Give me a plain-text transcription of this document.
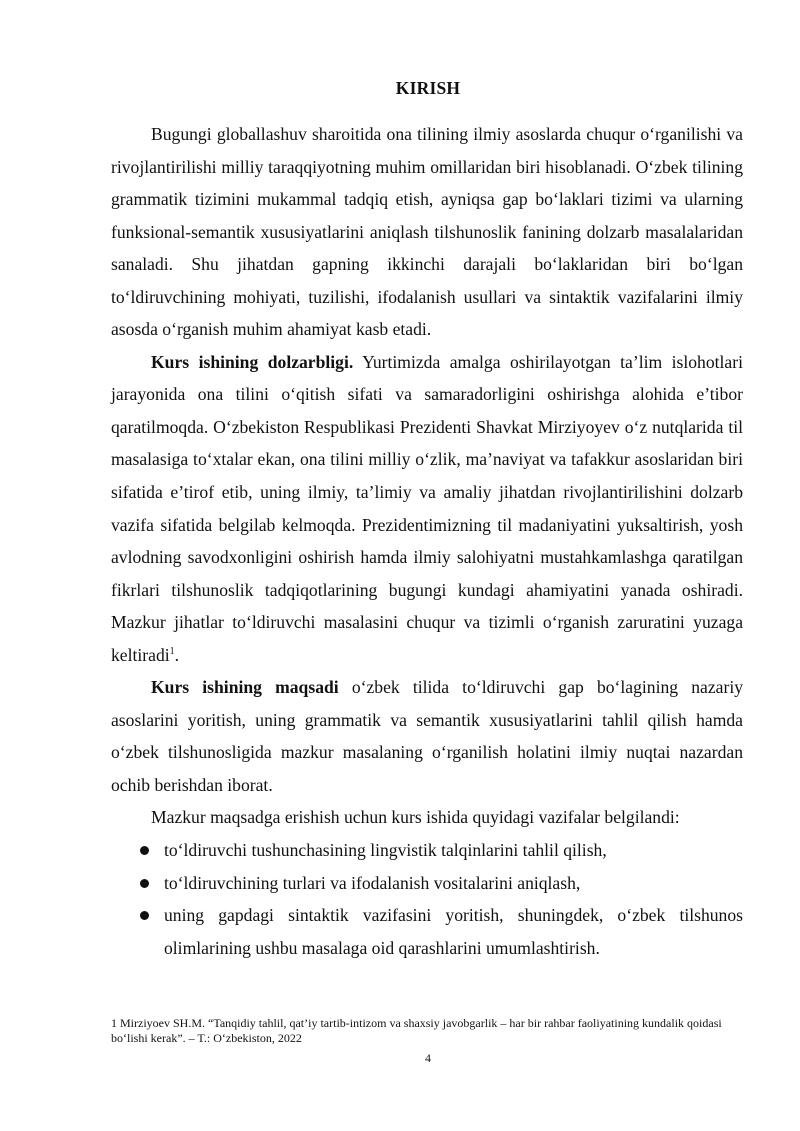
KIRISH

Bugungi globallashuv sharoitida ona tilining ilmiy asoslarda chuqur o‘rganilishi va rivojlantirilishi milliy taraqqiyotning muhim omillaridan biri hisoblanadi. O‘zbek tilining grammatik tizimini mukammal tadqiq etish, ayniqsa gap bo‘laklari tizimi va ularning funksional-semantik xususiyatlarini aniqlash tilshunoslik fanining dolzarb masalalaridan sanaladi. Shu jihatdan gapning ikkinchi darajali bo‘laklaridan biri bo‘lgan to‘ldiruvchining mohiyati, tuzilishi, ifodalanish usullari va sintaktik vazifalarini ilmiy asosda o‘rganish muhim ahamiyat kasb etadi.

Kurs ishining dolzarbligi. Yurtimizda amalga oshirilayotgan ta’lim islohotlari jarayonida ona tilini o‘qitish sifati va samaradorligini oshirishga alohida e’tibor qaratilmoqda. O‘zbekiston Respublikasi Prezidenti Shavkat Mirziyoyev o‘z nutqlarida til masalasiga to‘xtalar ekan, ona tilini milliy o‘zlik, ma’naviyat va tafakkur asoslaridan biri sifatida e’tirof etib, uning ilmiy, ta’limiy va amaliy jihatdan rivojlantirilishini dolzarb vazifa sifatida belgilab kelmoqda. Prezidentimizning til madaniyatini yuksaltirish, yosh avlodning savodxonligini oshirish hamda ilmiy salohiyatni mustahkamlashga qaratilgan fikrlari tilshunoslik tadqiqotlarining bugungi kundagi ahamiyatini yanada oshiradi. Mazkur jihatlar to‘ldiruvchi masalasini chuqur va tizimli o‘rganish zaruratini yuzaga keltiradi$^1$.

Kurs ishining maqsadi o‘zbek tilida to‘ldiruvchi gap bo‘lagining nazariy asoslarini yoritish, uning grammatik va semantik xususiyatlarini tahlil qilish hamda o‘zbek tilshunosligida mazkur masalaning o‘rganilish holatini ilmiy nuqtai nazardan ochib berishdan iborat.

Mazkur maqsadga erishish uchun kurs ishida quyidagi vazifalar belgilandi:

to‘ldiruvchi tushunchasining lingvistik talqinlarini tahlil qilish,
to‘ldiruvchining turlari va ifodalanish vositalarini aniqlash,
uning gapdagi sintaktik vazifasini yoritish, shuningdek, o‘zbek tilshunos olimlarining ushbu masalaga oid qarashlarini umumlashtirish.
1 Mirziyoev SH.M. “Tanqidiy tahlil, qat’iy tartib-intizom va shaxsiy javobgarlik – har bir rahbar faoliyatining kundalik qoidasi bo‘lishi kerak”. – T.: O‘zbekiston, 2022
4
